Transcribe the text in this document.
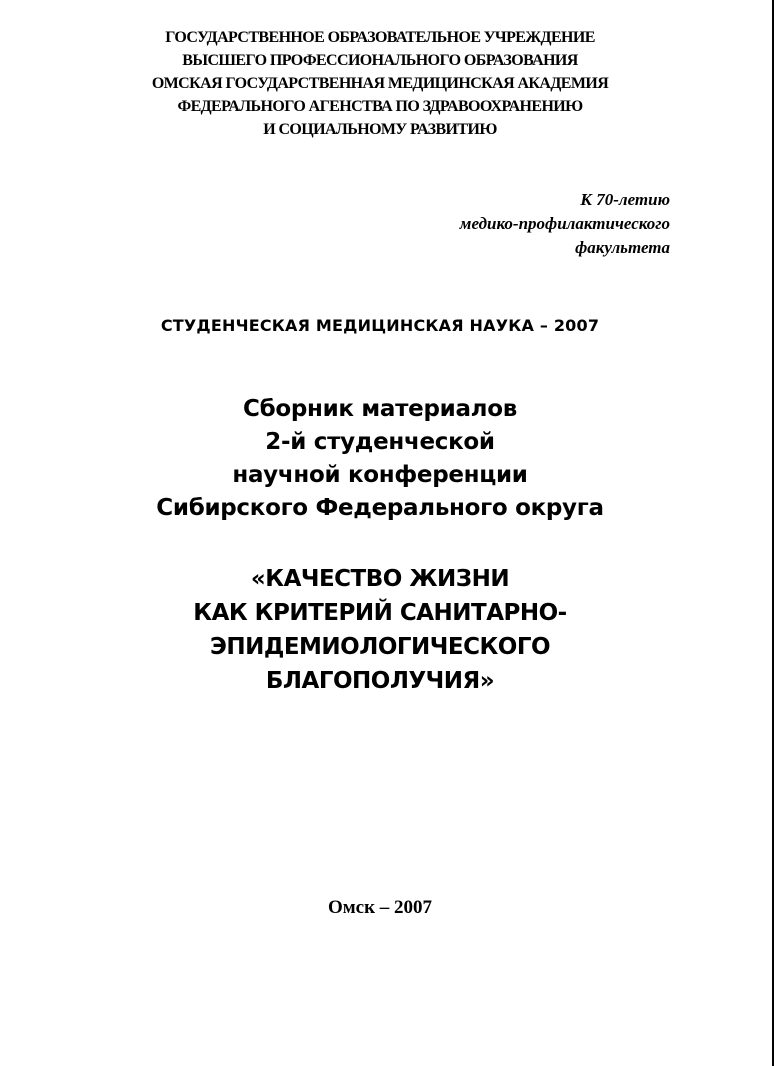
ГОСУДАРСТВЕННОЕ ОБРАЗОВАТЕЛЬНОЕ УЧРЕЖДЕНИЕ
ВЫСШЕГО ПРОФЕССИОНАЛЬНОГО ОБРАЗОВАНИЯ
ОМСКАЯ ГОСУДАРСТВЕННАЯ МЕДИЦИНСКАЯ АКАДЕМИЯ
ФЕДЕРАЛЬНОГО АГЕНСТВА ПО ЗДРАВООХРАНЕНИЮ
И СОЦИАЛЬНОМУ РАЗВИТИЮ
К 70-летию
медико-профилактического
факультета
СТУДЕНЧЕСКАЯ МЕДИЦИНСКАЯ НАУКА – 2007
Сборник материалов
2-й студенческой
научной конференции
Сибирского Федерального округа
«КАЧЕСТВО ЖИЗНИ
КАК КРИТЕРИЙ САНИТАРНО-
ЭПИДЕМИОЛОГИЧЕСКОГО
БЛАГОПОЛУЧИЯ»
Омск – 2007
